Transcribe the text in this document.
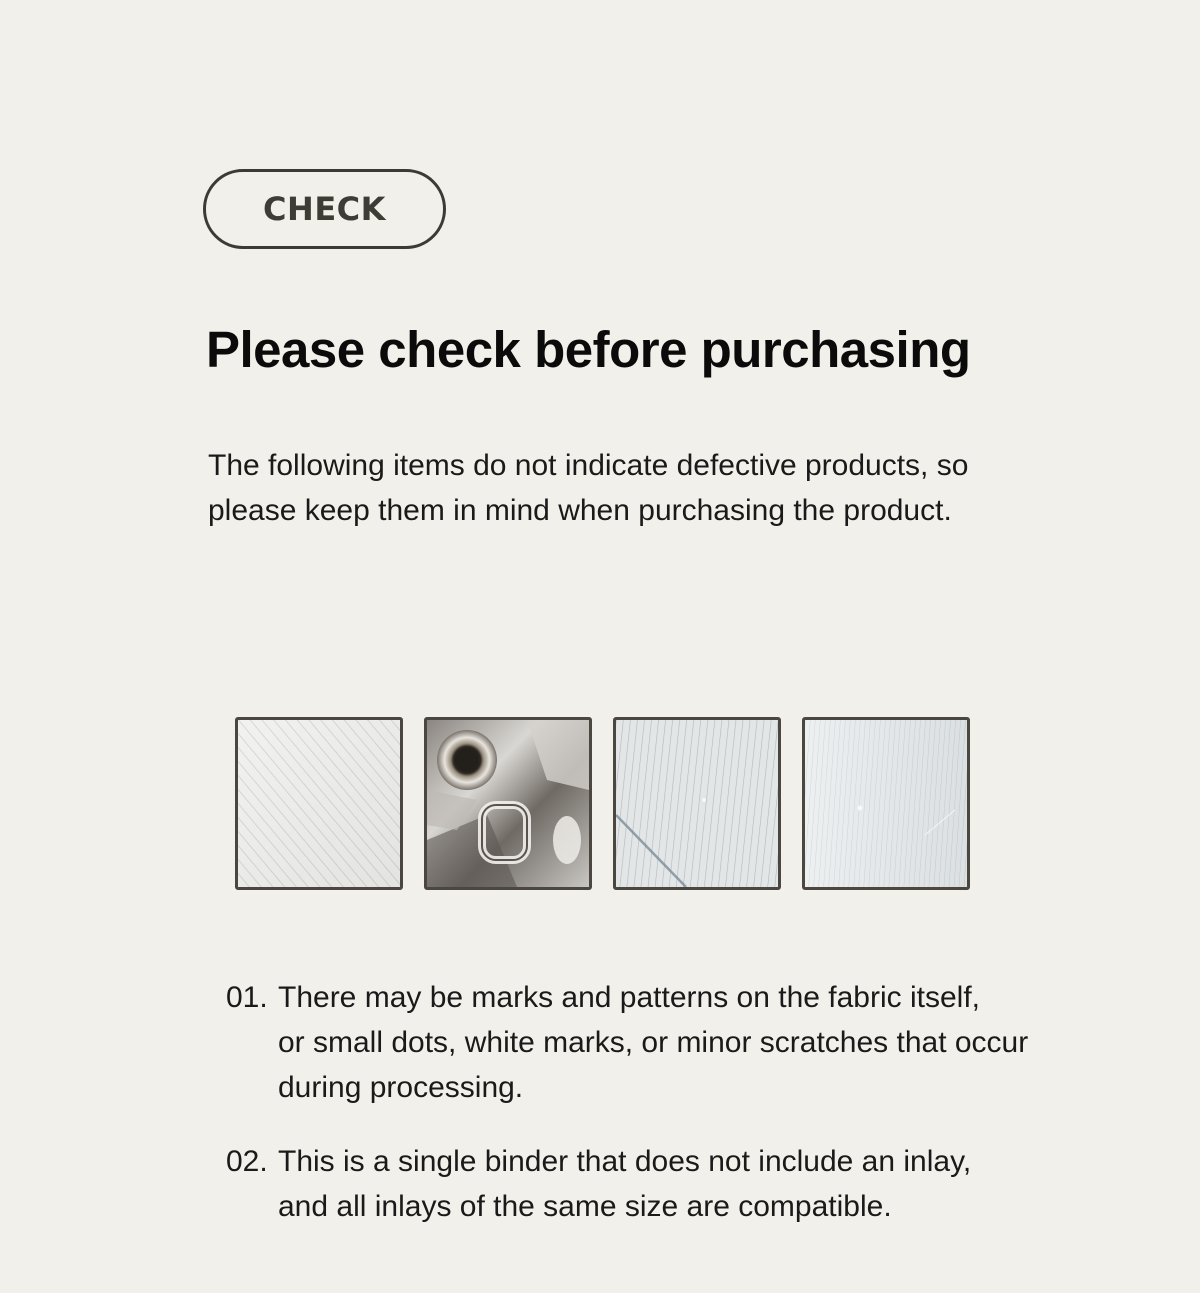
CHECK
Please check before purchasing

The following items do not indicate defective products, so
please keep them in mind when purchasing the product.

01. There may be marks and patterns on the fabric itself,
or small dots, white marks, or minor scratches that occur
during processing.
02. This is a single binder that does not include an inlay,
and all inlays of the same size are compatible.
